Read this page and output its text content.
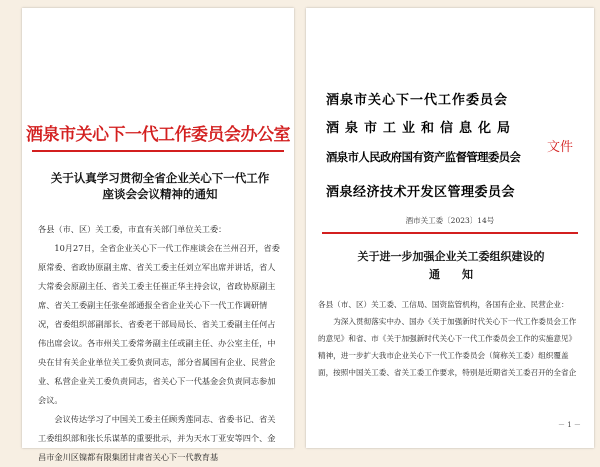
酒泉市关心下一代工作委员会办公室
关于认真学习贯彻全省企业关心下一代工作
座谈会会议精神的通知

各县（市、区）关工委，市直有关部门单位关工委：

10月27日，全省企业关心下一代工作座谈会在兰州召开，省委原常委、省政协原副主席、省关工委主任刘立军出席并讲话，省人大常委会原副主任、省关工委主任崔正华主持会议，省政协原副主席、省关工委副主任张垒部通报全省企业关心下一代工作调研情况，省委组织部副部长、省委老干部局局长、省关工委副主任何占伟出席会议。各市州关工委常务副主任或副主任、办公室主任，中央在甘有关企业单位关工委负责同志，部分省属国有企业、民营企业、私营企业关工委负责同志，省关心下一代基金会负责同志参加会议。

会议传达学习了中国关工委主任顾秀莲同志、省委书记、省关工委组织部和张长乐谋革的重要批示，并为天水丁亚安等四个、金昌市金川区镍都有限集团甘肃省关心下一代教育基

酒泉市关心下一代工作委员会
酒泉市工业和信息化局
酒泉市人民政府国有资产监督管理委员会
酒泉经济技术开发区管理委员会
文件
酒市关工委〔2023〕14号
关于进一步加强企业关工委组织建设的
通　　知

各县（市、区）关工委、工信局、国资监管机构，各国有企业、民营企业：

为深入贯彻落实中办、国办《关于加强新时代关心下一代工作委员会工作的意见》和省、市《关于加强新时代关心下一代工作委员会工作的实施意见》精神，进一步扩大我市企业关心下一代工作委员会（简称关工委）组织覆盖面，按照中国关工委、省关工委工作要求，特别是近期省关工委召开的全省企

－ 1 －
